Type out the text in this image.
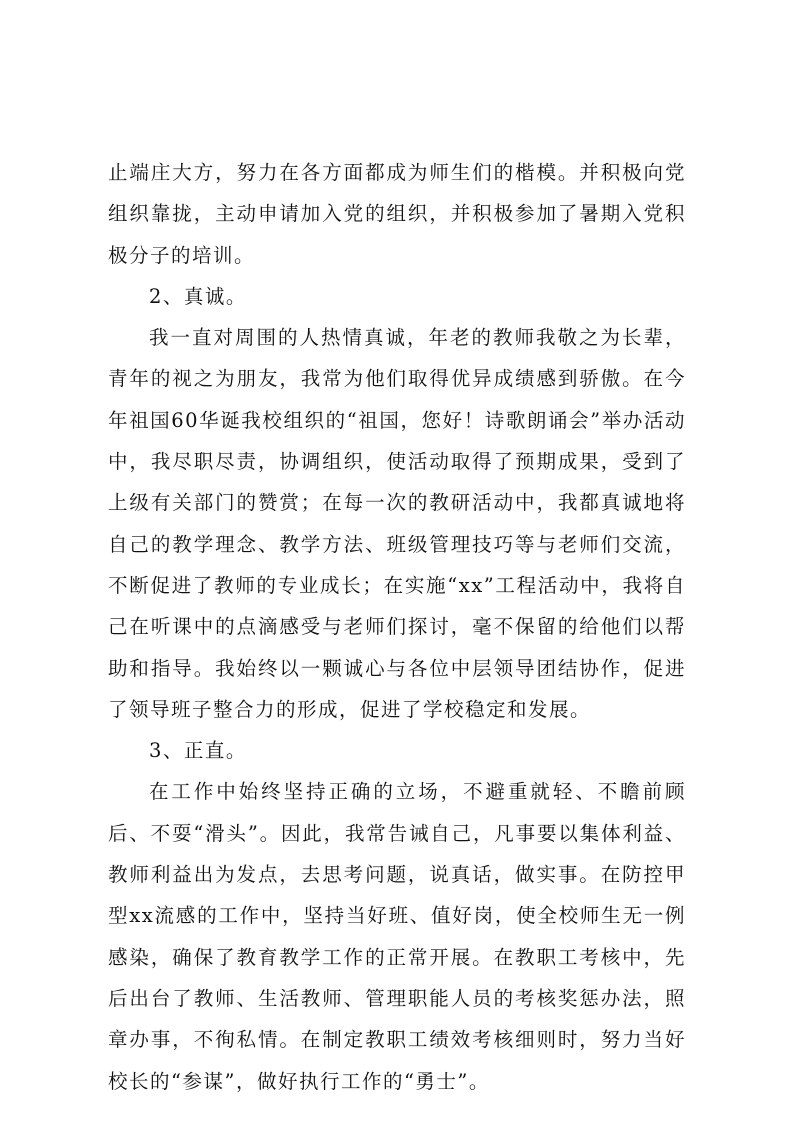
止端庄大方，努力在各方面都成为师生们的楷模。并积极向党组织靠拢，主动申请加入党的组织，并积极参加了暑期入党积极分子的培训。

2、真诚。

我一直对周围的人热情真诚，年老的教师我敬之为长辈，青年的视之为朋友，我常为他们取得优异成绩感到骄傲。在今年祖国60华诞我校组织的“祖国，您好！诗歌朗诵会”举办活动中，我尽职尽责，协调组织，使活动取得了预期成果，受到了上级有关部门的赞赏；在每一次的教研活动中，我都真诚地将自己的教学理念、教学方法、班级管理技巧等与老师们交流，不断促进了教师的专业成长；在实施“xx”工程活动中，我将自己在听课中的点滴感受与老师们探讨，毫不保留的给他们以帮助和指导。我始终以一颗诚心与各位中层领导团结协作，促进了领导班子整合力的形成，促进了学校稳定和发展。

3、正直。

在工作中始终坚持正确的立场，不避重就轻、不瞻前顾后、不耍“滑头”。因此，我常告诫自己，凡事要以集体利益、教师利益出为发点，去思考问题，说真话，做实事。在防控甲型xx流感的工作中，坚持当好班、值好岗，使全校师生无一例感染，确保了教育教学工作的正常开展。在教职工考核中，先后出台了教师、生活教师、管理职能人员的考核奖惩办法，照章办事，不徇私情。在制定教职工绩效考核细则时，努力当好校长的“参谋”，做好执行工作的“勇士”。
